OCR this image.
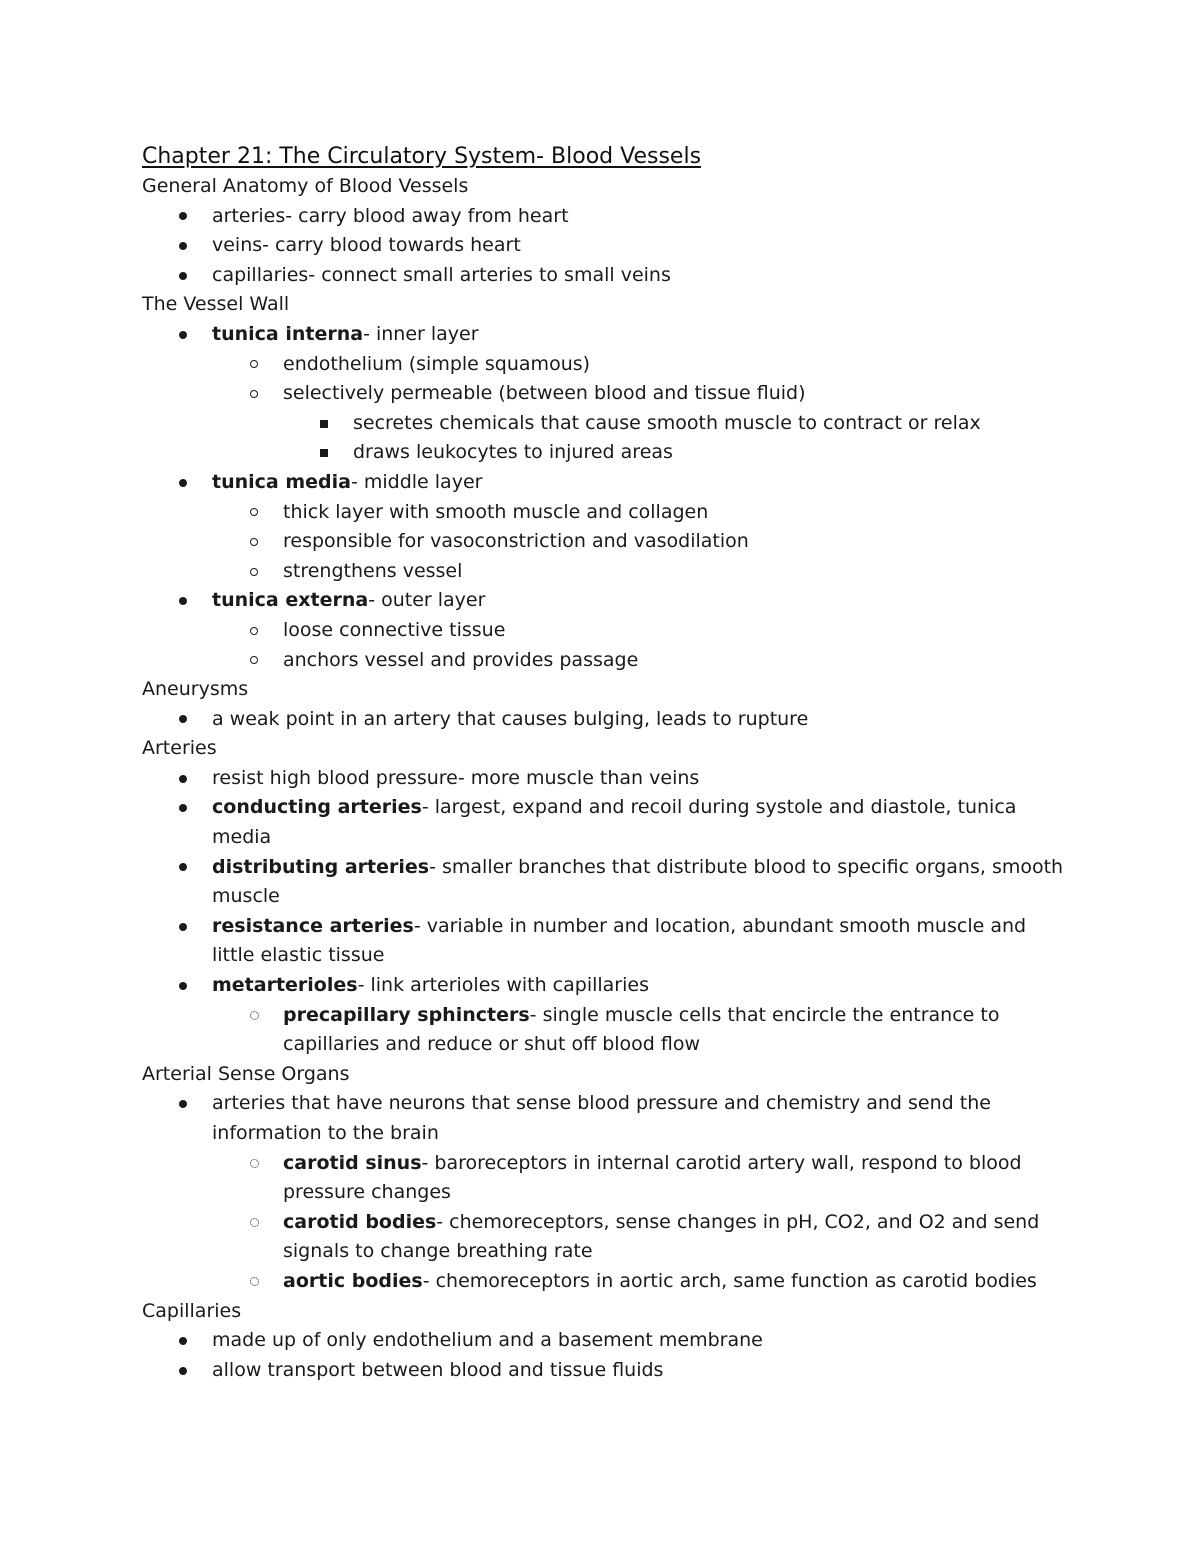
Chapter 21: The Circulatory System- Blood Vessels

General Anatomy of Blood Vessels

arteries- carry blood away from heart
veins- carry blood towards heart
capillaries- connect small arteries to small veins

The Vessel Wall

tunica interna- inner layer
endothelium (simple squamous)
selectively permeable (between blood and tissue fluid)
secretes chemicals that cause smooth muscle to contract or relax
draws leukocytes to injured areas
tunica media- middle layer
thick layer with smooth muscle and collagen
responsible for vasoconstriction and vasodilation
strengthens vessel
tunica externa- outer layer
loose connective tissue
anchors vessel and provides passage

Aneurysms

a weak point in an artery that causes bulging, leads to rupture

Arteries

resist high blood pressure- more muscle than veins
conducting arteries- largest, expand and recoil during systole and diastole, tunica media
distributing arteries- smaller branches that distribute blood to specific organs, smooth muscle
resistance arteries- variable in number and location, abundant smooth muscle and little elastic tissue
metarterioles- link arterioles with capillaries
precapillary sphincters- single muscle cells that encircle the entrance to capillaries and reduce or shut off blood flow

Arterial Sense Organs

arteries that have neurons that sense blood pressure and chemistry and send the information to the brain
carotid sinus- baroreceptors in internal carotid artery wall, respond to blood pressure changes
carotid bodies- chemoreceptors, sense changes in pH, CO2, and O2 and send signals to change breathing rate
aortic bodies- chemoreceptors in aortic arch, same function as carotid bodies

Capillaries

made up of only endothelium and a basement membrane
allow transport between blood and tissue fluids
